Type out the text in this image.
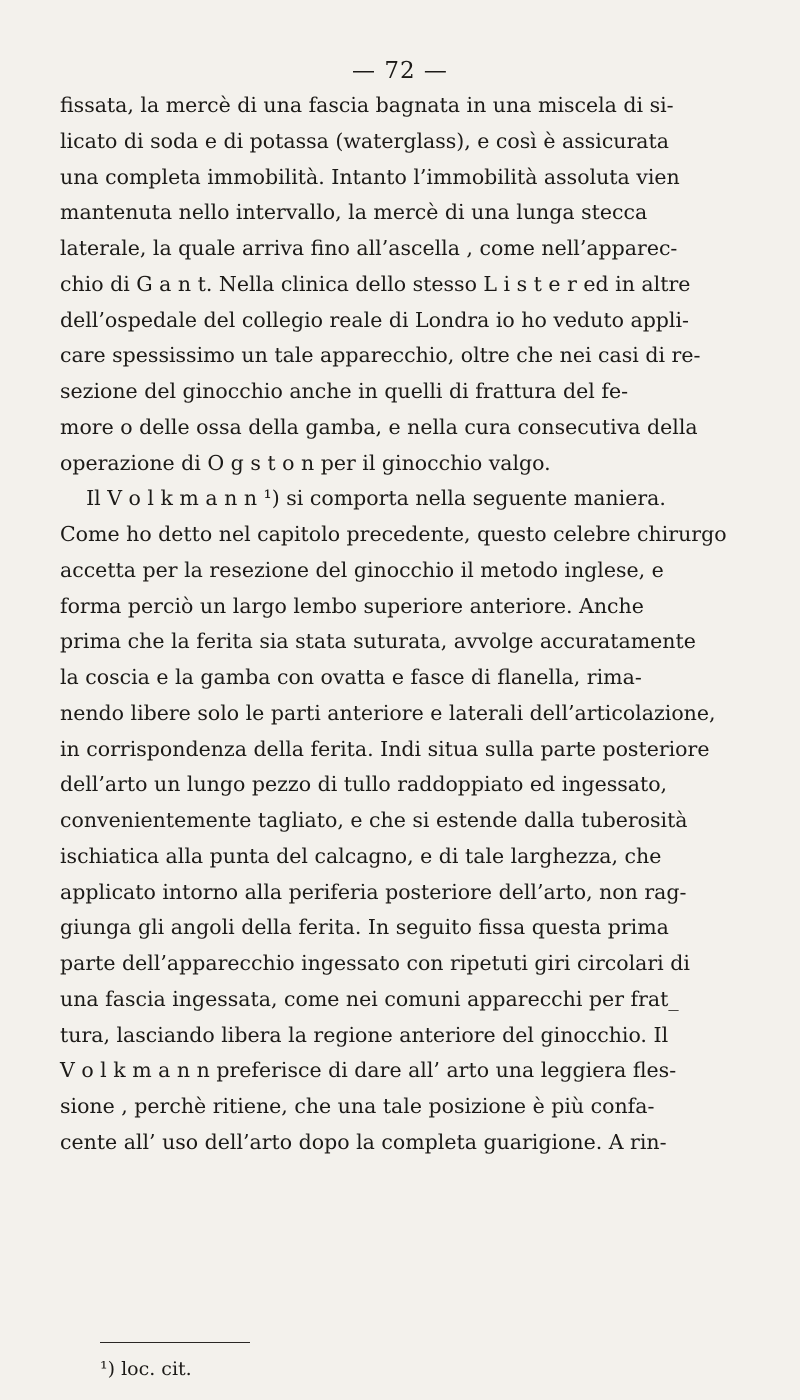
— 72 —
fissata, la mercè di una fascia bagnata in una miscela di si-
licato di soda e di potassa (waterglass), e così è assicurata
una completa immobilità. Intanto l’immobilità assoluta vien
mantenuta nello intervallo, la mercè di una lunga stecca
laterale, la quale arriva fino all’ascella , come nell’apparec-
chio di G a n t. Nella clinica dello stesso L i s t e r ed in altre
dell’ospedale del collegio reale di Londra io ho veduto appli-
care spessissimo un tale apparecchio, oltre che nei casi di re-
sezione del ginocchio anche in quelli di frattura del fe-
more o delle ossa della gamba, e nella cura consecutiva della
operazione di O g s t o n per il ginocchio valgo.
Il V o l k m a n n ¹) si comporta nella seguente maniera.
Come ho detto nel capitolo precedente, questo celebre chirurgo
accetta per la resezione del ginocchio il metodo inglese, e
forma perciò un largo lembo superiore anteriore. Anche
prima che la ferita sia stata suturata, avvolge accuratamente
la coscia e la gamba con ovatta e fasce di flanella, rima-
nendo libere solo le parti anteriore e laterali dell’articolazione,
in corrispondenza della ferita. Indi situa sulla parte posteriore
dell’arto un lungo pezzo di tullo raddoppiato ed ingessato,
convenientemente tagliato, e che si estende dalla tuberosità
ischiatica alla punta del calcagno, e di tale larghezza, che
applicato intorno alla periferia posteriore dell’arto, non rag-
giunga gli angoli della ferita. In seguito fissa questa prima
parte dell’apparecchio ingessato con ripetuti giri circolari di
una fascia ingessata, come nei comuni apparecchi per frat_
tura, lasciando libera la regione anteriore del ginocchio. Il
V o l k m a n n preferisce di dare all’ arto una leggiera fles-
sione , perchè ritiene, che una tale posizione è più confa-
cente all’ uso dell’arto dopo la completa guarigione. A rin-
¹) loc. cit.
